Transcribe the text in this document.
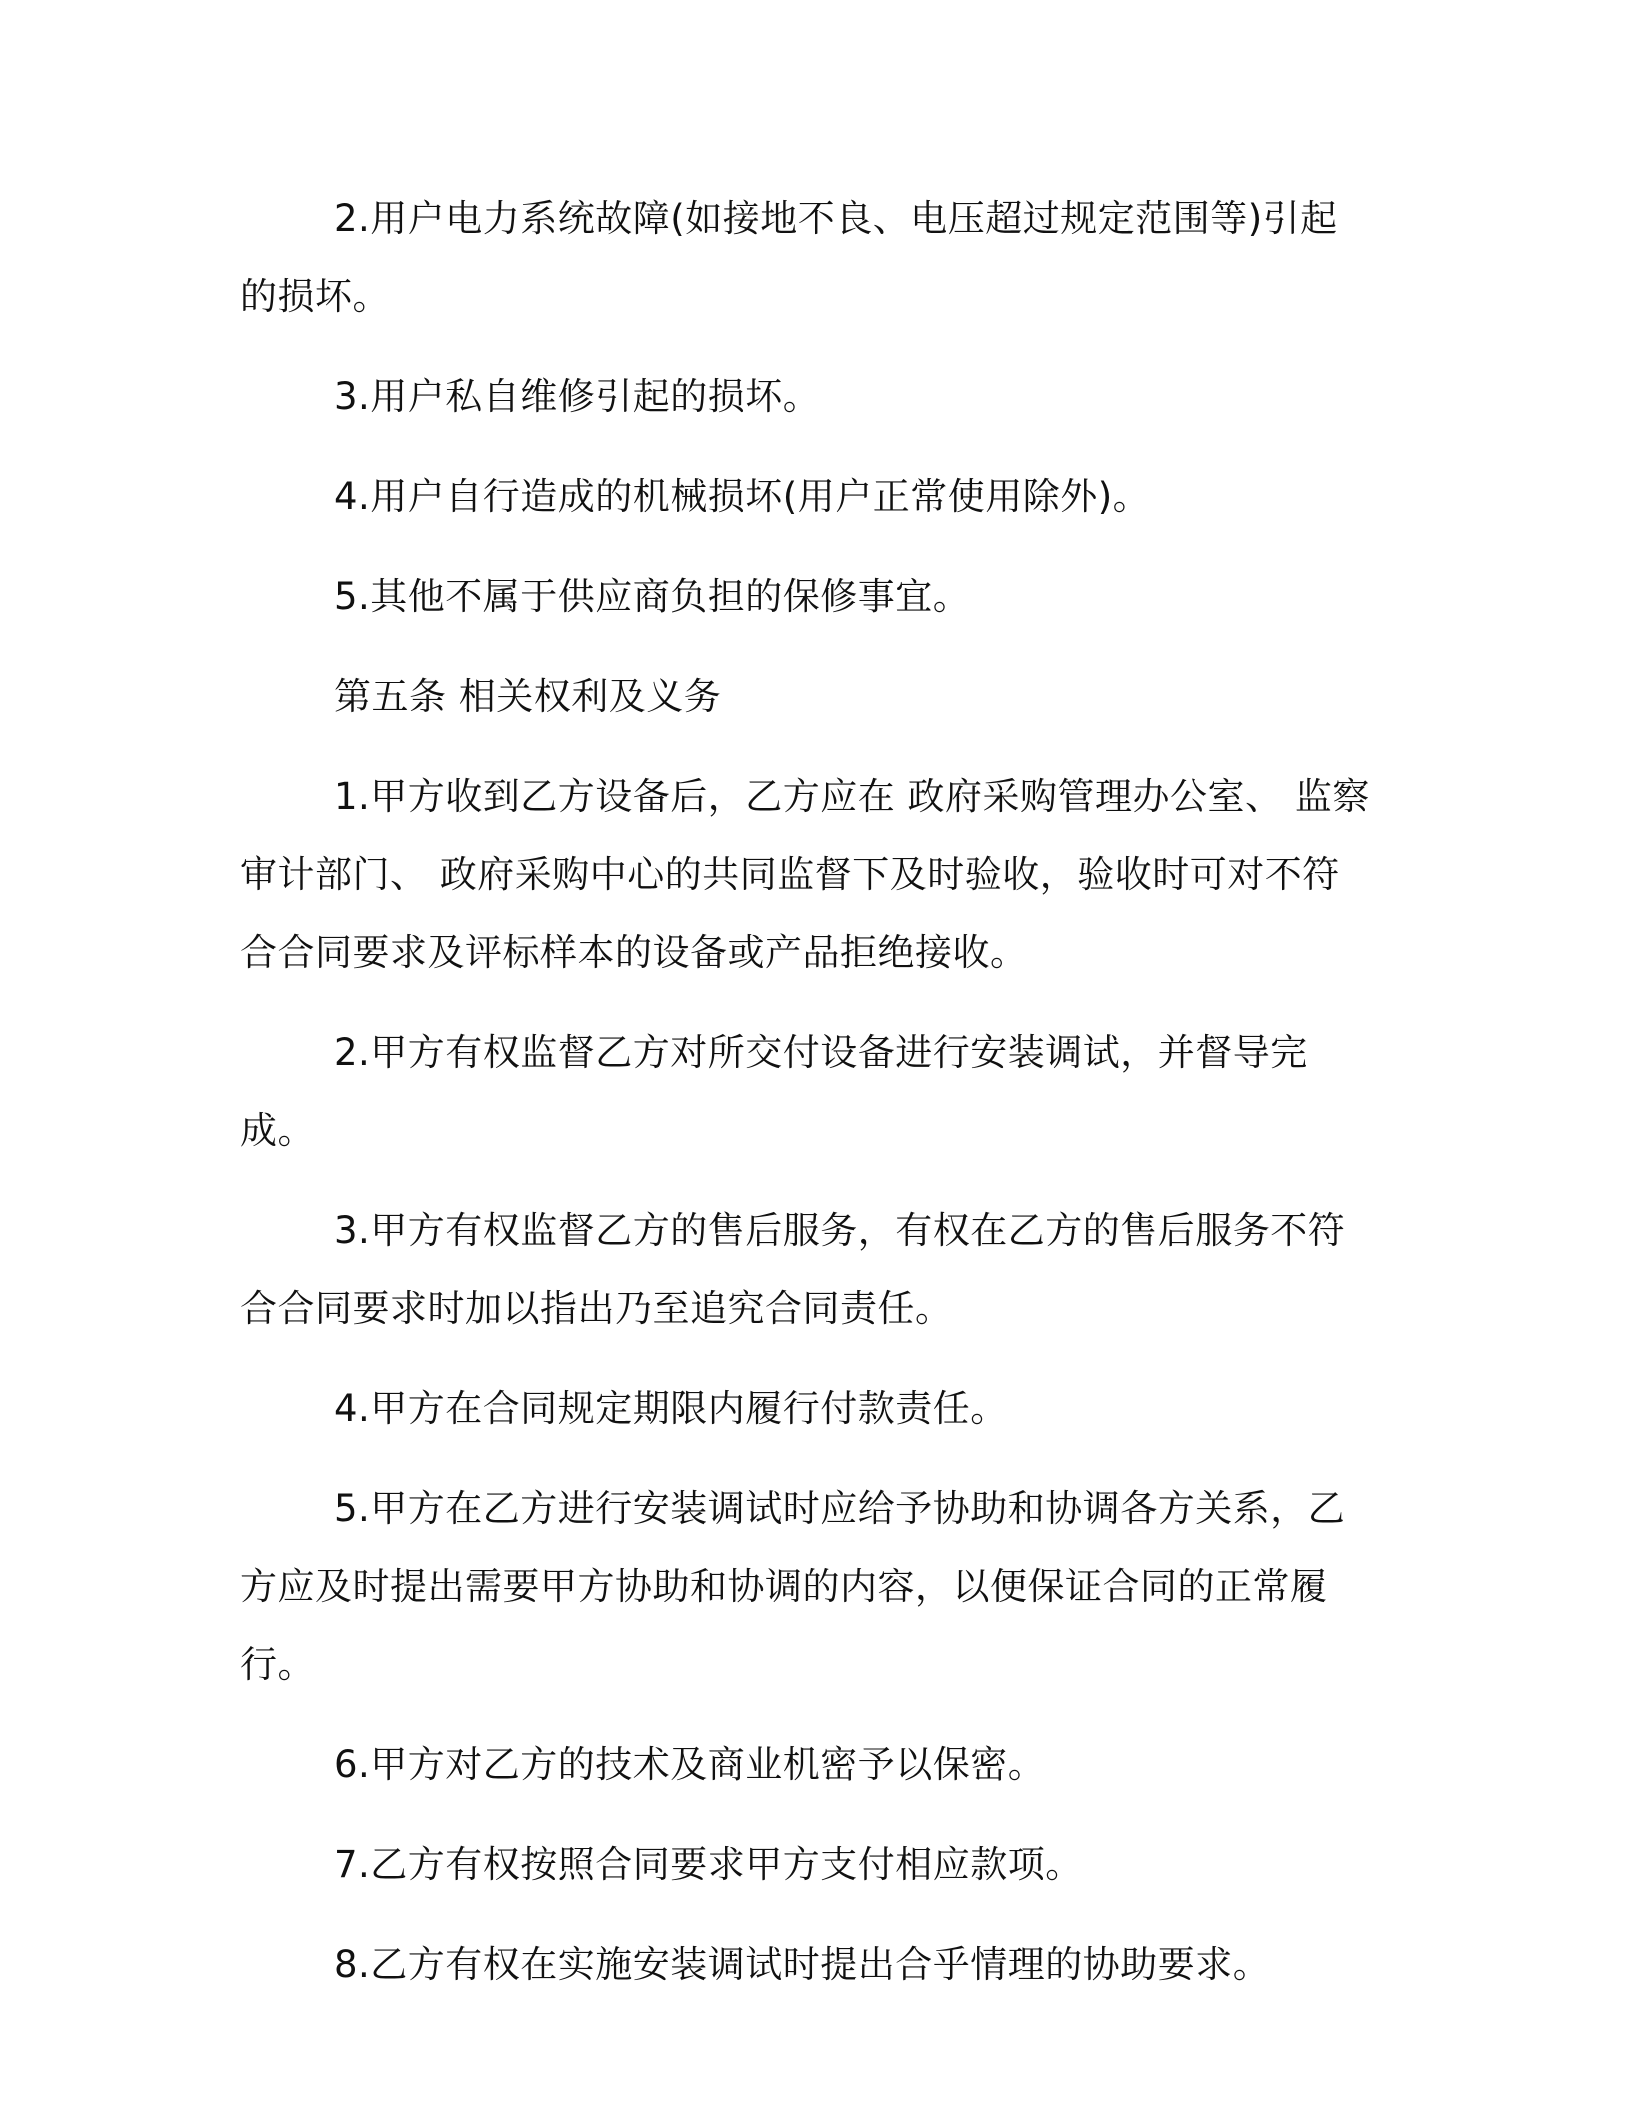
2.用户电力系统故障(如接地不良、电压超过规定范围等)引起的损坏。

3.用户私自维修引起的损坏。

4.用户自行造成的机械损坏(用户正常使用除外)。

5.其他不属于供应商负担的保修事宜。

第五条 相关权利及义务

1.甲方收到乙方设备后，乙方应在 政府采购管理办公室、 监察审计部门、 政府采购中心的共同监督下及时验收，验收时可对不符合合同要求及评标样本的设备或产品拒绝接收。

2.甲方有权监督乙方对所交付设备进行安装调试，并督导完成。

3.甲方有权监督乙方的售后服务，有权在乙方的售后服务不符合合同要求时加以指出乃至追究合同责任。

4.甲方在合同规定期限内履行付款责任。

5.甲方在乙方进行安装调试时应给予协助和协调各方关系，乙方应及时提出需要甲方协助和协调的内容，以便保证合同的正常履行。

6.甲方对乙方的技术及商业机密予以保密。

7.乙方有权按照合同要求甲方支付相应款项。

8.乙方有权在实施安装调试时提出合乎情理的协助要求。
